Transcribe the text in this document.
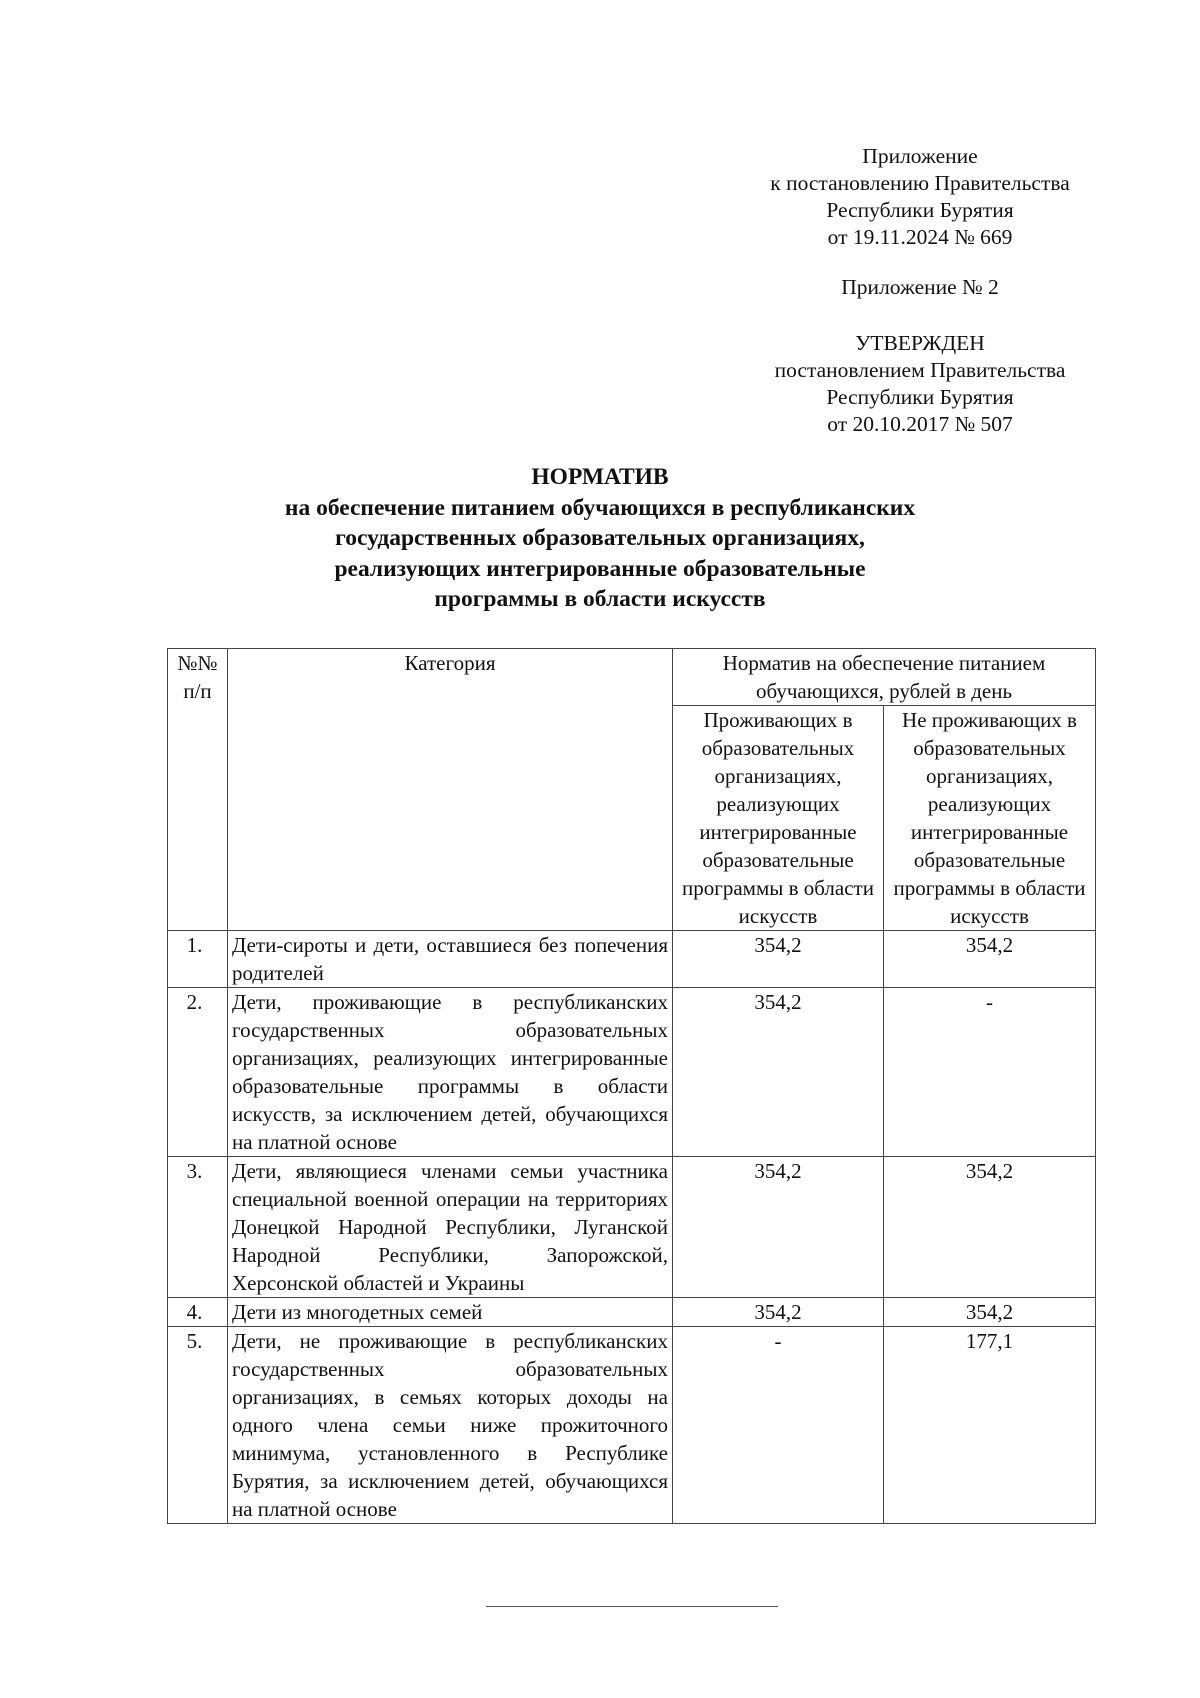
Приложение
к постановлению Правительства
Республики Бурятия
от 19.11.2024 № 669
Приложение № 2
УТВЕРЖДЕН
постановлением Правительства
Республики Бурятия
от 20.10.2017 № 507
НОРМАТИВ
на обеспечение питанием обучающихся в республиканских
государственных образовательных организациях,
реализующих интегрированные образовательные
программы в области искусств
№№ п/п	Категория	Норматив на обеспечение питанием обучающихся, рублей в день	
		Проживающих в образовательных организациях, реализующих интегрированные образовательные программы в области искусств	Не проживающих в образовательных организациях, реализующих интегрированные образовательные программы в области искусств
1.	Дети-сироты и дети, оставшиеся без попечения родителей	354,2	354,2
2.	Дети, проживающие в республиканских государственных образовательных организациях, реализующих интегрированные образовательные программы в области искусств, за исключением детей, обучающихся на платной основе	354,2	-
3.	Дети, являющиеся членами семьи участника специальной военной операции на территориях Донецкой Народной Республики, Луганской Народной Республики, Запорожской, Херсонской областей и Украины	354,2	354,2
4.	Дети из многодетных семей	354,2	354,2
5.	Дети, не проживающие в республиканских государственных образовательных организациях, в семьях которых доходы на одного члена семьи ниже прожиточного минимума, установленного в Республике Бурятия, за исключением детей, обучающихся на платной основе	-	177,1
